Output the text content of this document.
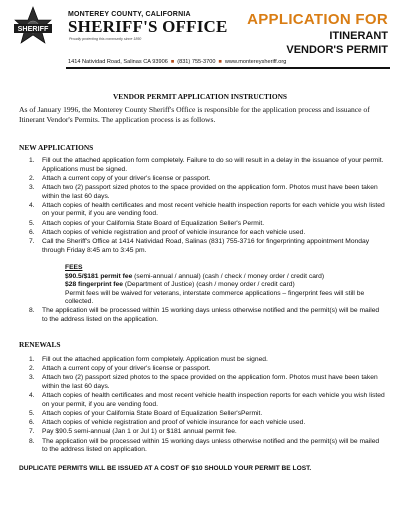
SHERIFF
MONTEREY COUNTY, CALIFORNIA
SHERIFF'S OFFICE
Proudly protecting this community since 1850
1414 Natividad Road, Salinas CA 93906 ■ (831) 755-3700 ■ www.montereysheriff.org
APPLICATION FOR
ITINERANT
VENDOR'S PERMIT
VENDOR PERMIT APPLICATION INSTRUCTIONS
As of January 1996, the Monterey County Sheriff's Office is responsible for the application process and issuance of Itinerant Vendor's Permits. The application process is as follows.
NEW APPLICATIONS
1. Fill out the attached application form completely. Failure to do so will result in a delay in the issuance of your permit. Applications must be signed.
2. Attach a current copy of your driver's license or passport.
3. Attach two (2) passport sized photos to the space provided on the application form. Photos must have been taken within the last 60 days.
4. Attach copies of health certificates and most recent vehicle health inspection reports for each vehicle you wish listed on your permit, if you are vending food.
5. Attach copies of your California State Board of Equalization Seller's Permit.
6. Attach copies of vehicle registration and proof of vehicle insurance for each vehicle used.
7. Call the Sheriff's Office at 1414 Natividad Road, Salinas (831) 755-3716 for fingerprinting appointment Monday through Friday 8:45 am to 3:45 pm.
FEES
$90.5/$181 permit fee (semi-annual / annual) (cash / check / money order / credit card)
$28 fingerprint fee (Department of Justice) (cash / money order / credit card)
Permit fees will be waived for veterans, interstate commerce applications – fingerprint fees will still be collected.
8. The application will be processed within 15 working days unless otherwise notified and the permit(s) will be mailed to the address listed on the application.
RENEWALS
1. Fill out the attached application form completely. Application must be signed.
2. Attach a current copy of your driver's license or passport.
3. Attach two (2) passport sized photos to the space provided on the application form. Photos must have been taken within the last 60 days.
4. Attach copies of health certificates and most recent vehicle health inspection reports for each vehicle you wish listed on your permit, if you are vending food.
5. Attach copies of your California State Board of Equalization Seller'sPermit.
6. Attach copies of vehicle registration and proof of vehicle insurance for each vehicle used.
7. Pay $90.5 semi-annual (Jan 1 or Jul 1) or $181 annual permit fee.
8. The application will be processed within 15 working days unless otherwise notified and the permit(s) will be mailed to the address listed on application.
DUPLICATE PERMITS WILL BE ISSUED AT A COST OF $10 SHOULD YOUR PERMIT BE LOST.
